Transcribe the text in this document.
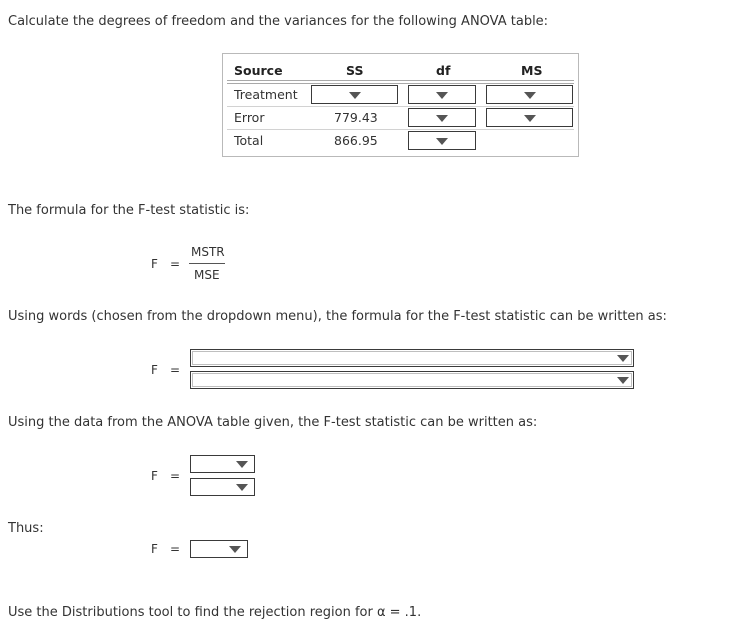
Calculate the degrees of freedom and the variances for the following ANOVA table:
Source	SS	df	MS
Treatment
Error	779.43
Total	866.95
The formula for the F-test statistic is:
F =
MSTR
MSE
Using words (chosen from the dropdown menu), the formula for the F-test statistic can be written as:
F =
Using the data from the ANOVA table given, the F-test statistic can be written as:
F =
Thus:
F =
Use the Distributions tool to find the rejection region for α = .1.
